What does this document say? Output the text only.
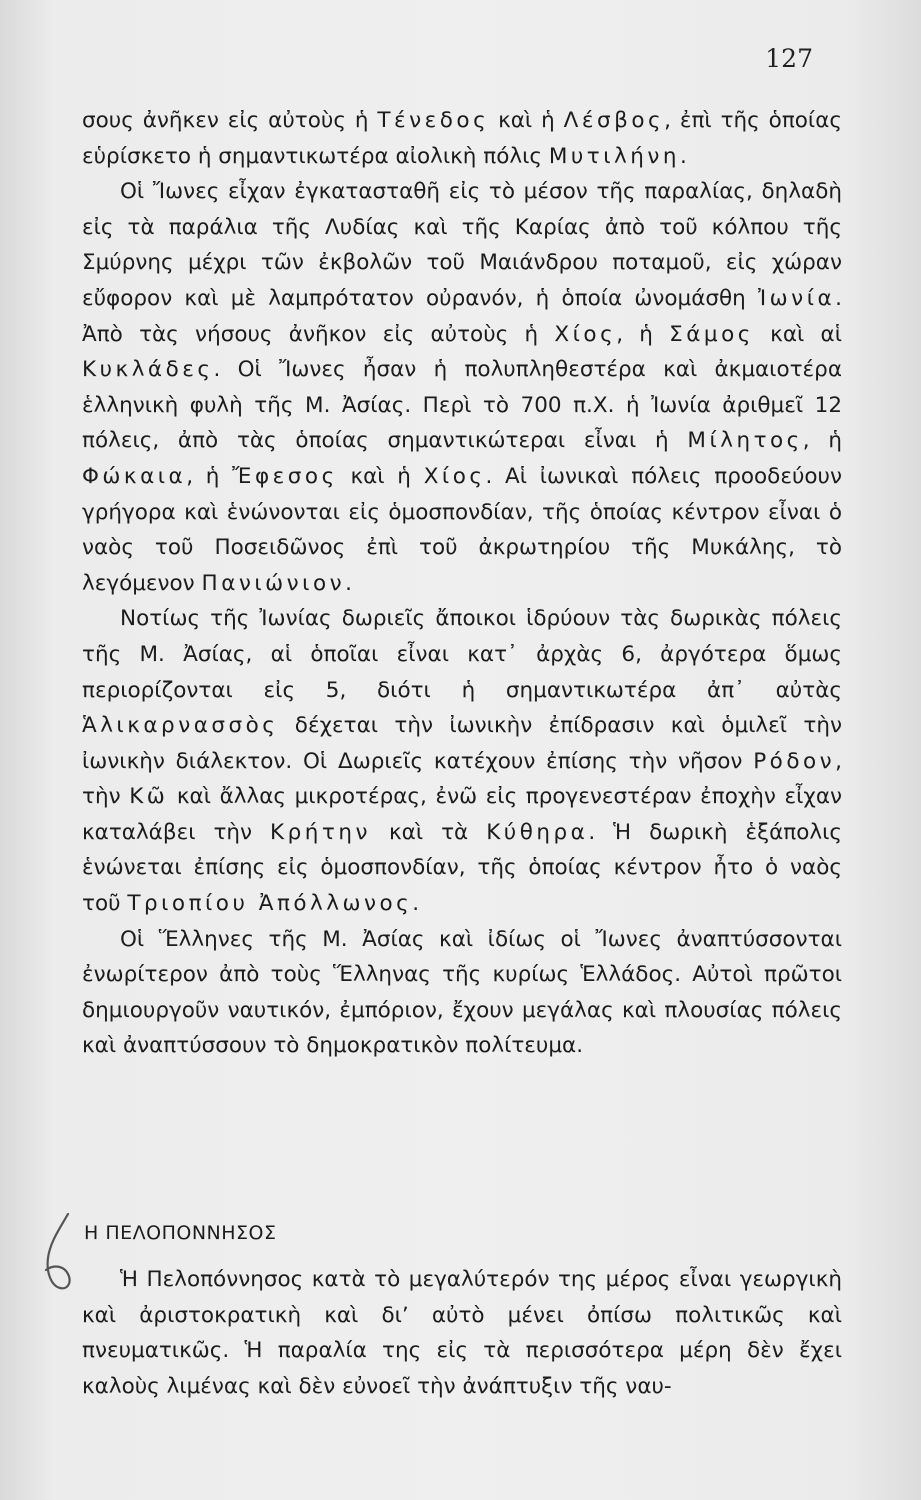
127

σους ἀνῆκεν εἰς αὐτοὺς ἡ Τένεδος καὶ ἡ Λέσβος, ἐπὶ τῆς ὁποίας εὑρίσκετο ἡ σημαντικωτέρα αἰολικὴ πόλις Μυτιλήνη.

Οἱ Ἴωνες εἶχαν ἐγκατασταθῆ εἰς τὸ μέσον τῆς παραλίας, δηλαδὴ εἰς τὰ παράλια τῆς Λυδίας καὶ τῆς Καρίας ἀπὸ τοῦ κόλπου τῆς Σμύρνης μέχρι τῶν ἐκβολῶν τοῦ Μαιάνδρου ποταμοῦ, εἰς χώραν εὔφορον καὶ μὲ λαμπρότατον οὐρανόν, ἡ ὁποία ὠνομάσθη Ἰωνία. Ἀπὸ τὰς νήσους ἀνῆκον εἰς αὐτοὺς ἡ Χίος, ἡ Σάμος καὶ αἱ Κυκλάδες. Οἱ Ἴωνες ἦσαν ἡ πολυπληθεστέρα καὶ ἀκμαιοτέρα ἑλληνικὴ φυλὴ τῆς Μ. Ἀσίας. Περὶ τὸ 700 π.Χ. ἡ Ἰωνία ἀριθμεῖ 12 πόλεις, ἀπὸ τὰς ὁποίας σημαντικώτεραι εἶναι ἡ Μίλητος, ἡ Φώκαια, ἡ Ἔφεσος καὶ ἡ Χίος. Αἱ ἰωνικαὶ πόλεις προοδεύουν γρήγορα καὶ ἑνώνονται εἰς ὁμοσπονδίαν, τῆς ὁποίας κέντρον εἶναι ὁ ναὸς τοῦ Ποσειδῶνος ἐπὶ τοῦ ἀκρωτηρίου τῆς Μυκάλης, τὸ λεγόμενον Πανιώνιον.

Νοτίως τῆς Ἰωνίας δωριεῖς ἄποικοι ἱδρύουν τὰς δωρικὰς πόλεις τῆς Μ. Ἀσίας, αἱ ὁποῖαι εἶναι κατ᾽ ἀρχὰς 6, ἀργότερα ὅμως περιορίζονται εἰς 5, διότι ἡ σημαντικωτέρα ἀπ᾽ αὐτὰς Ἁλικαρνασσὸς δέχεται τὴν ἰωνικὴν ἐπίδρασιν καὶ ὁμιλεῖ τὴν ἰωνικὴν διάλεκτον. Οἱ Δωριεῖς κατέχουν ἐπίσης τὴν νῆσον Ρόδον, τὴν Κῶ καὶ ἄλλας μικροτέρας, ἐνῶ εἰς προγενεστέραν ἐποχὴν εἶχαν καταλάβει τὴν Κρήτην καὶ τὰ Κύθηρα. Ἡ δωρικὴ ἑξάπολις ἑνώνεται ἐπίσης εἰς ὁμοσπονδίαν, τῆς ὁποίας κέντρον ἦτο ὁ ναὸς τοῦ Τριοπίου Ἀπόλλωνος.

Οἱ Ἕλληνες τῆς Μ. Ἀσίας καὶ ἰδίως οἱ Ἴωνες ἀναπτύσσονται ἐνωρίτερον ἀπὸ τοὺς Ἕλληνας τῆς κυρίως Ἑλλάδος. Αὐτοὶ πρῶτοι δημιουργοῦν ναυτικόν, ἐμπόριον, ἔχουν μεγάλας καὶ πλουσίας πόλεις καὶ ἀναπτύσσουν τὸ δημοκρατικὸν πολίτευμα.

Η ΠΕΛΟΠΟΝΝΗΣΟΣ

Ἡ Πελοπόννησος κατὰ τὸ μεγαλύτερόν της μέρος εἶναι γεωργικὴ καὶ ἀριστοκρατικὴ καὶ διʼ αὐτὸ μένει ὀπίσω πολιτικῶς καὶ πνευματικῶς. Ἡ παραλία της εἰς τὰ περισσότερα μέρη δὲν ἔχει καλοὺς λιμένας καὶ δὲν εὐνοεῖ τὴν ἀνάπτυξιν τῆς ναυ-
